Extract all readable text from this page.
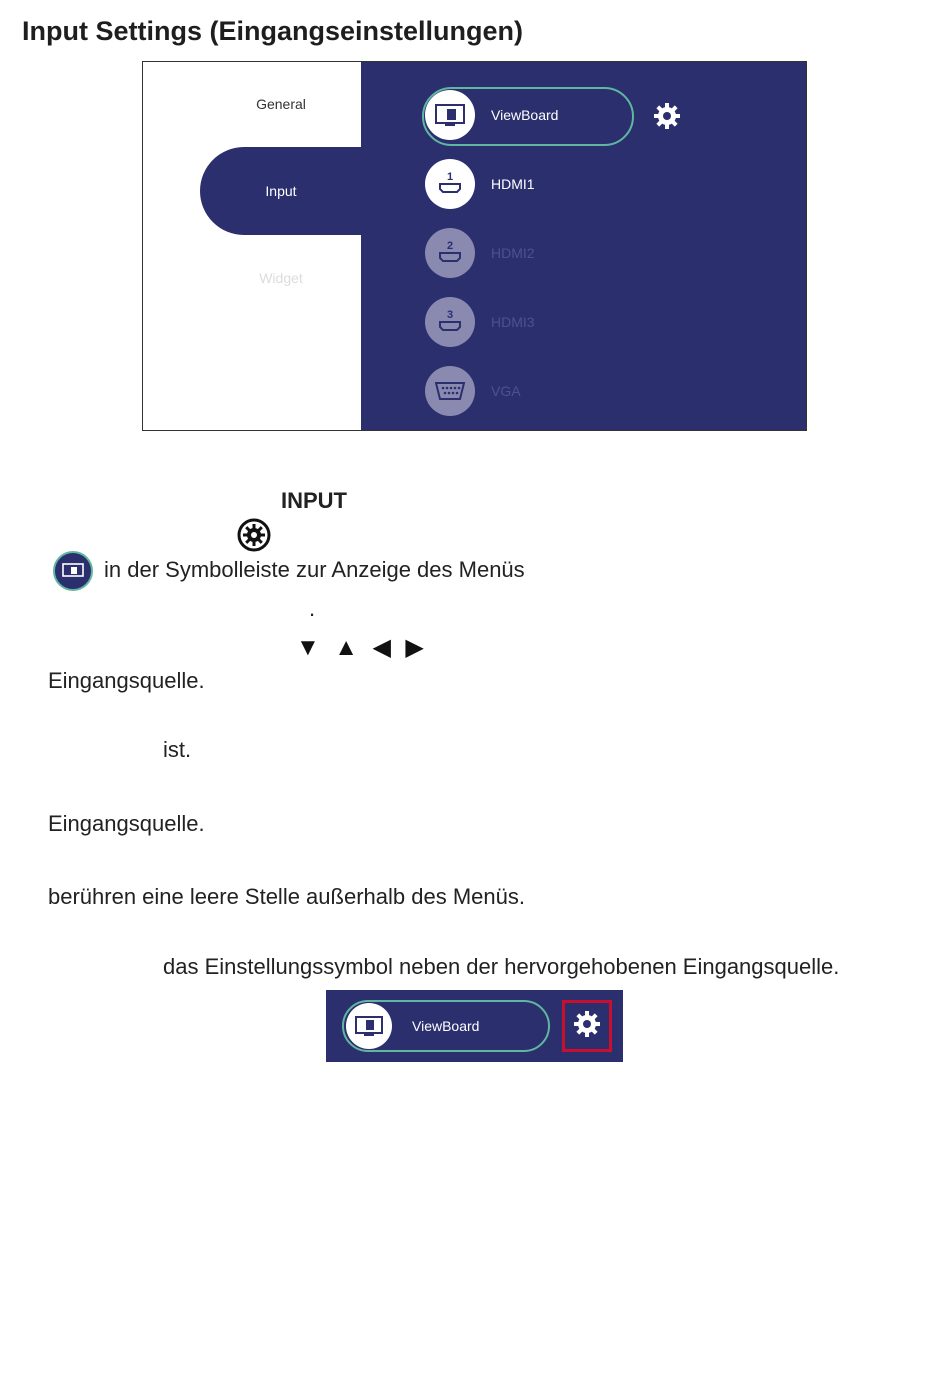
Input Settings (Eingangseinstellungen)
General
Input
Widget
ViewBoard
1	HDMI1
2	HDMI2
3	HDMI3
VGA
INPUT
in der Symbolleiste zur Anzeige des Menüs
.
▼ ▲ ◀ ▶
Eingangsquelle.
ist.
Eingangsquelle.
berühren eine leere Stelle außerhalb des Menüs.
das Einstellungssymbol neben der hervorgehobenen Eingangsquelle.
ViewBoard
